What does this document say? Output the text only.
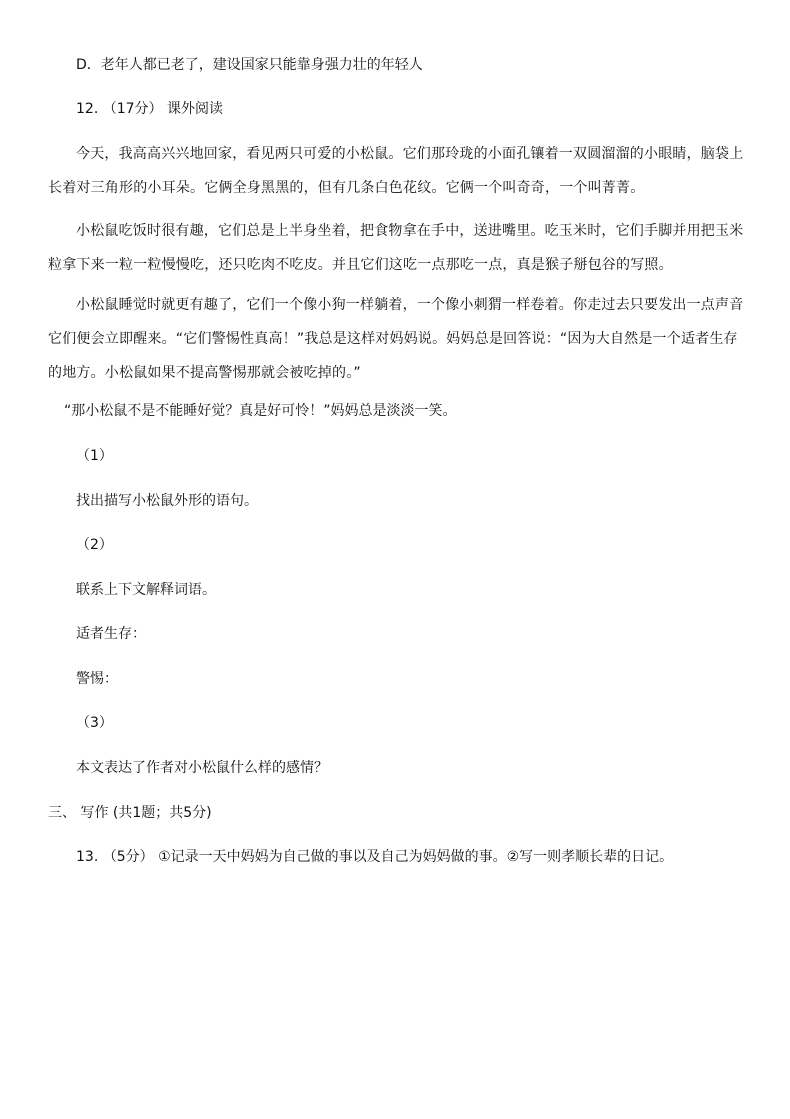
D．老年人都已老了，建设国家只能靠身强力壮的年轻人
12. （17分） 课外阅读
今天，我高高兴兴地回家，看见两只可爱的小松鼠。它们那玲珑的小面孔镶着一双圆溜溜的小眼睛，脑袋上长着对三角形的小耳朵。它俩全身黑黑的，但有几条白色花纹。它俩一个叫奇奇，一个叫菁菁。
小松鼠吃饭时很有趣，它们总是上半身坐着，把食物拿在手中，送进嘴里。吃玉米时，它们手脚并用把玉米粒拿下来一粒一粒慢慢吃，还只吃肉不吃皮。并且它们这吃一点那吃一点，真是猴子掰包谷的写照。
小松鼠睡觉时就更有趣了，它们一个像小狗一样躺着，一个像小刺猬一样卷着。你走过去只要发出一点声音它们便会立即醒来。“它们警惕性真高！”我总是这样对妈妈说。妈妈总是回答说：“因为大自然是一个适者生存的地方。小松鼠如果不提高警惕那就会被吃掉的。”
“那小松鼠不是不能睡好觉？真是好可怜！”妈妈总是淡淡一笑。
（1）
找出描写小松鼠外形的语句。
（2）
联系上下文解释词语。
适者生存：
警惕：
（3）
本文表达了作者对小松鼠什么样的感情？
三、 写作 (共1题；共5分)
13. （5分） ①记录一天中妈妈为自己做的事以及自己为妈妈做的事。②写一则孝顺长辈的日记。
